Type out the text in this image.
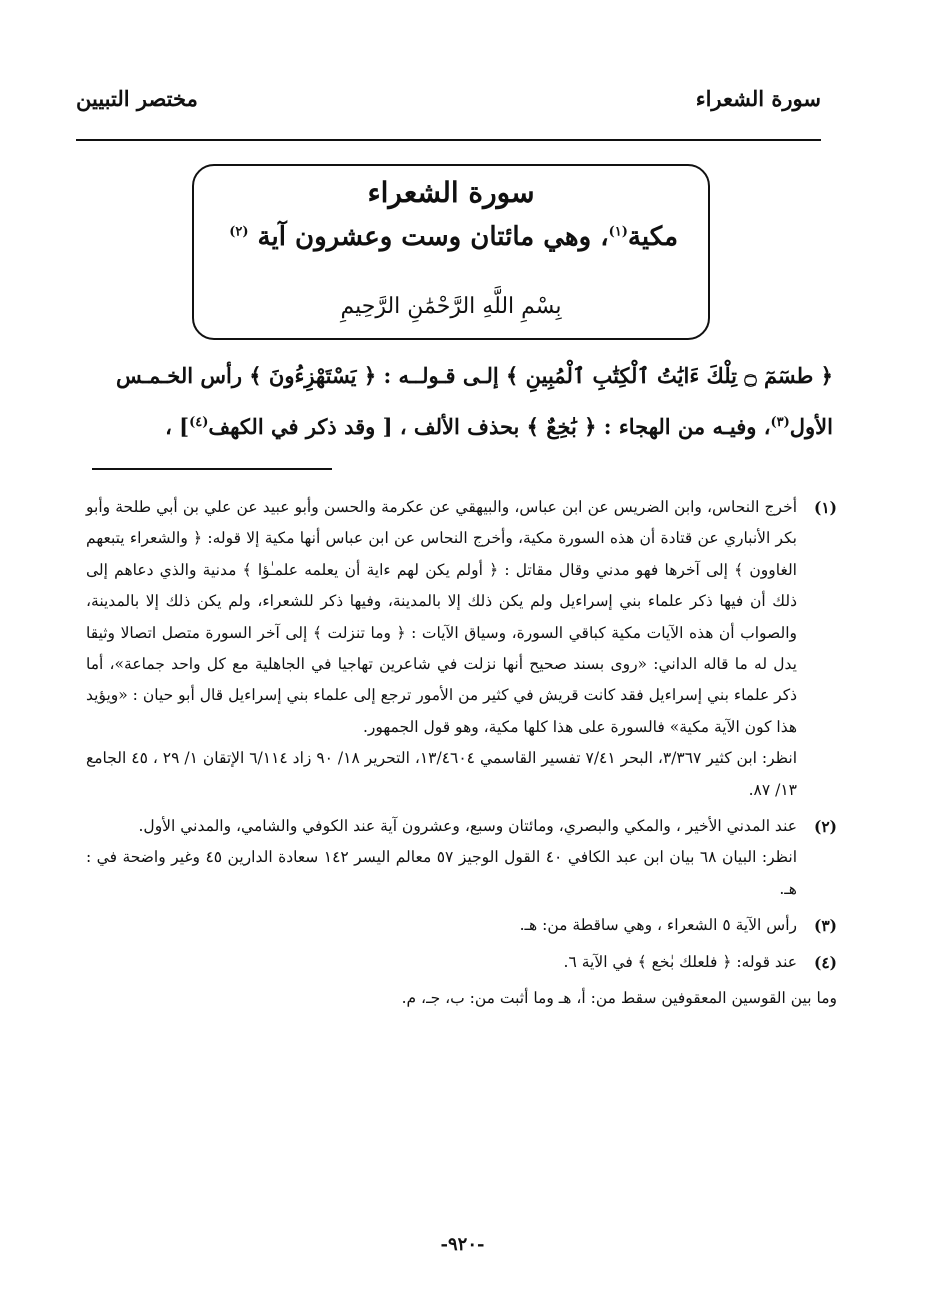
سورة الشعراء
مختصر التبيين
سورة الشعراء
مكية$^{(١)}$، وهي مائتان وست وعشرون آية $^{(٢)}$
بِسْمِ اللَّهِ الرَّحْمَٰنِ الرَّحِيمِ

﴿ طسٓمٓ ۝ تِلْكَ ءَايَٰتُ ٱلْكِتَٰبِ ٱلْمُبِينِ ﴾ إلـى قـولــه : ﴿ يَسْتَهْزِءُونَ ﴾ رأس الخـمـس

الأول$^{(٣)}$، وفيـه من الهجاء : ﴿ بَٰخِعٌ ﴾ بحذف الألف ، [ وقد ذكر في الكهف$^{(٤)}$] ،

(١)

أخرج النحاس، وابن الضريس عن ابن عباس، والبيهقي عن عكرمة والحسن وأبو عبيد عن علي بن أبي طلحة وأبو بكر الأنباري عن قتادة أن هذه السورة مكية، وأخرج النحاس عن ابن عباس أنها مكية إلا قوله: ﴿ والشعراء يتبعهم الغاوون ﴾ إلى آخرها فهو مدني وقال مقاتل : ﴿ أولم يكن لهم ءاية أن يعلمه علمـٰؤا ﴾ مدنية والذي دعاهم إلى ذلك أن فيها ذكر علماء بني إسراءيل ولم يكن ذلك إلا بالمدينة، وفيها ذكر للشعراء، ولم يكن ذلك إلا بالمدينة، والصواب أن هذه الآيات مكية كباقي السورة، وسياق الآيات : ﴿ وما تنزلت ﴾ إلى آخر السورة متصل اتصالا وثيقا يدل له ما قاله الداني: «روى بسند صحيح أنها نزلت في شاعرين تهاجيا في الجاهلية مع كل واحد جماعة»، أما ذكر علماء بني إسراءيل فقد كانت قريش في كثير من الأمور ترجع إلى علماء بني إسراءيل قال أبو حيان : «ويؤيد هذا كون الآية مكية» فالسورة على هذا كلها مكية، وهو قول الجمهور.

انظر: ابن كثير ٣/٣٦٧، البحر ٧/٤١ تفسير القاسمي ١٣/٤٦٠٤، التحرير ١٨/ ٩٠ زاد ٦/١١٤ الإتقان ١/ ٢٩ ، ٤٥ الجامع ١٣/ ٨٧.

(٢)

عند المدني الأخير ، والمكي والبصري، ومائتان وسبع، وعشرون آية عند الكوفي والشامي، والمدني الأول.

انظر: البيان ٦٨ بيان ابن عبد الكافي ٤٠ القول الوجيز ٥٧ معالم اليسر ١٤٢ سعادة الدارين ٤٥ وغير واضحة في : هـ.

(٣)

رأس الآية ٥ الشعراء ، وهي ساقطة من: هـ.

(٤)

عند قوله: ﴿ فلعلك بٰخع ﴾ في الآية ٦.

وما بين القوسين المعقوفين سقط من: أ، هـ وما أثبت من: ب، جـ، م.

-٩٢٠-
